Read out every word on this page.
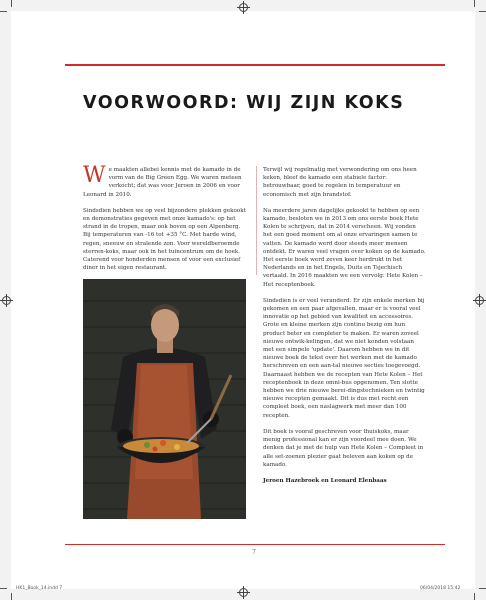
VOORWOORD: WIJ ZIJN KOKS

We maakten allebei kennis met de kamado in de vorm van de Big Green Egg. We waren meteen verkocht; dat was voor Jeroen in 2006 en voor Leonard in 2010.

Sindsdien hebben we op veel bijzondere plekken gekookt en demonstraties gegeven met onze kamado's: op het strand in de tropen, maar ook boven op een Alpenberg. Bij temperaturen van -16 tot +35 °C. Met harde wind, regen, sneeuw en stralende zon. Voor wereldberoemde sterren-koks, maar ook in het tuincentrum om de hoek. Caterend voor honderden mensen of voor een exclusief diner in het eigen restaurant.

Terwijl wij regelmatig met verwondering om ons heen keken, bleef de kamado een stabiele factor: betrouwbaar, goed te regelen in temperatuur en economisch met zijn brandstof.

Na meerdere jaren dagelijks gekookt te hebben op een kamado, besloten we in 2013 om ons eerste boek Hete Kolen te schrijven, dat in 2014 verscheen. Wij vonden het een goed moment om al onze ervaringen samen te vatten. De kamado werd door steeds meer mensen ontdekt. Er waren veel vragen over koken op de kamado. Het eerste boek werd zeven keer herdrukt in het Nederlands en in het Engels, Duits en Tsjechisch vertaald. In 2016 maakten we een vervolg: Hete Kolen – Het receptenboek.

Sindsdien is er veel veranderd. Er zijn enkele merken bij gekomen en een paar afgevallen, maar er is vooral veel innovatie op het gebied van kwaliteit en accessoires. Grote en kleine merken zijn continu bezig om hun product beter en completer te maken. Er waren zoveel nieuwe ontwik-kelingen, dat we niet konden volstaan met een simpele 'update'. Daarom hebben we in dit nieuwe boek de tekst over het werken met de kamado herschreven en een aan-tal nieuwe secties toegevoegd. Daarnaast hebben we de recepten van Hete Kolen – Het receptenboek in deze omni-bus opgenomen. Ten slotte hebben we drie nieuwe berei-dingstechnieken en twintig nieuwe recepten gemaakt. Dit is dus met recht een compleet boek, een naslagwerk met meer dan 100 recepten.

Dit boek is vooral geschreven voor thuiskoks, maar menig professional kan er zijn voordeel mee doen. We denken dat je met de hulp van Hete Kolen – Compleet in alle set-zoenen plezier gaat beleven aan koken op de kamado.

Jeroen Hazebroek en Leonard Elenbaas

7
HK1_Book_14.indd 7	06/04/2018 15:42
